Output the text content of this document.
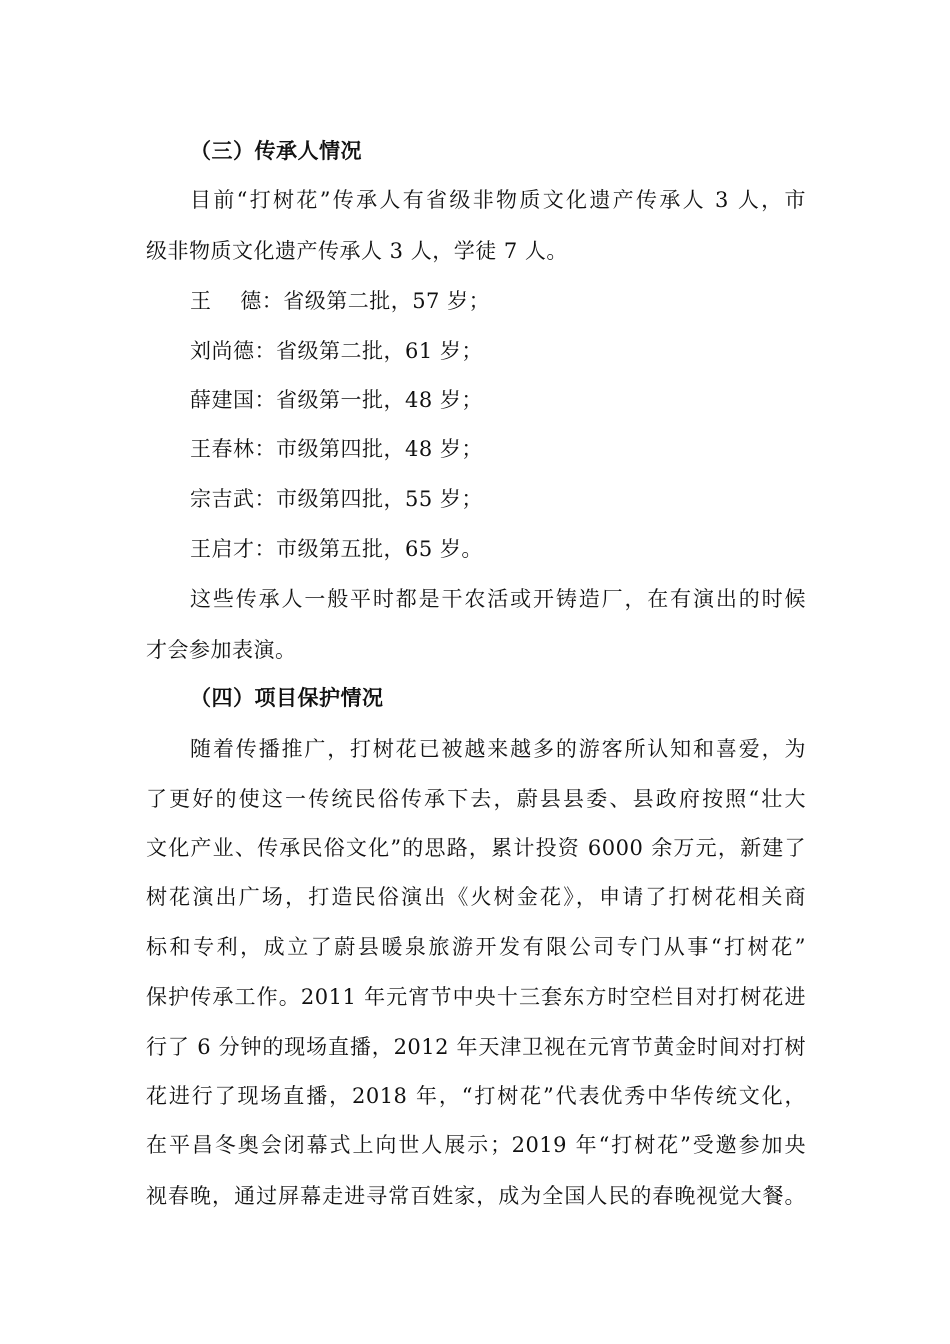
（三）传承人情况
目前“打树花”传承人有省级非物质文化遗产传承人 3 人，市
级非物质文化遗产传承人 3 人，学徒 7 人。
王    德：省级第二批，57 岁；
刘尚德：省级第二批，61 岁；
薛建国：省级第一批，48 岁；
王春林：市级第四批，48 岁；
宗吉武：市级第四批，55 岁；
王启才：市级第五批，65 岁。
这些传承人一般平时都是干农活或开铸造厂，在有演出的时候
才会参加表演。
（四）项目保护情况
随着传播推广，打树花已被越来越多的游客所认知和喜爱，为
了更好的使这一传统民俗传承下去，蔚县县委、县政府按照“壮大
文化产业、传承民俗文化”的思路，累计投资 6000 余万元，新建了
树花演出广场，打造民俗演出《火树金花》，申请了打树花相关商
标和专利，成立了蔚县暖泉旅游开发有限公司专门从事“打树花”
保护传承工作。2011 年元宵节中央十三套东方时空栏目对打树花进
行了 6 分钟的现场直播，2012 年天津卫视在元宵节黄金时间对打树
花进行了现场直播，2018 年，“打树花”代表优秀中华传统文化，
在平昌冬奥会闭幕式上向世人展示；2019 年“打树花”受邀参加央
视春晚，通过屏幕走进寻常百姓家，成为全国人民的春晚视觉大餐。
